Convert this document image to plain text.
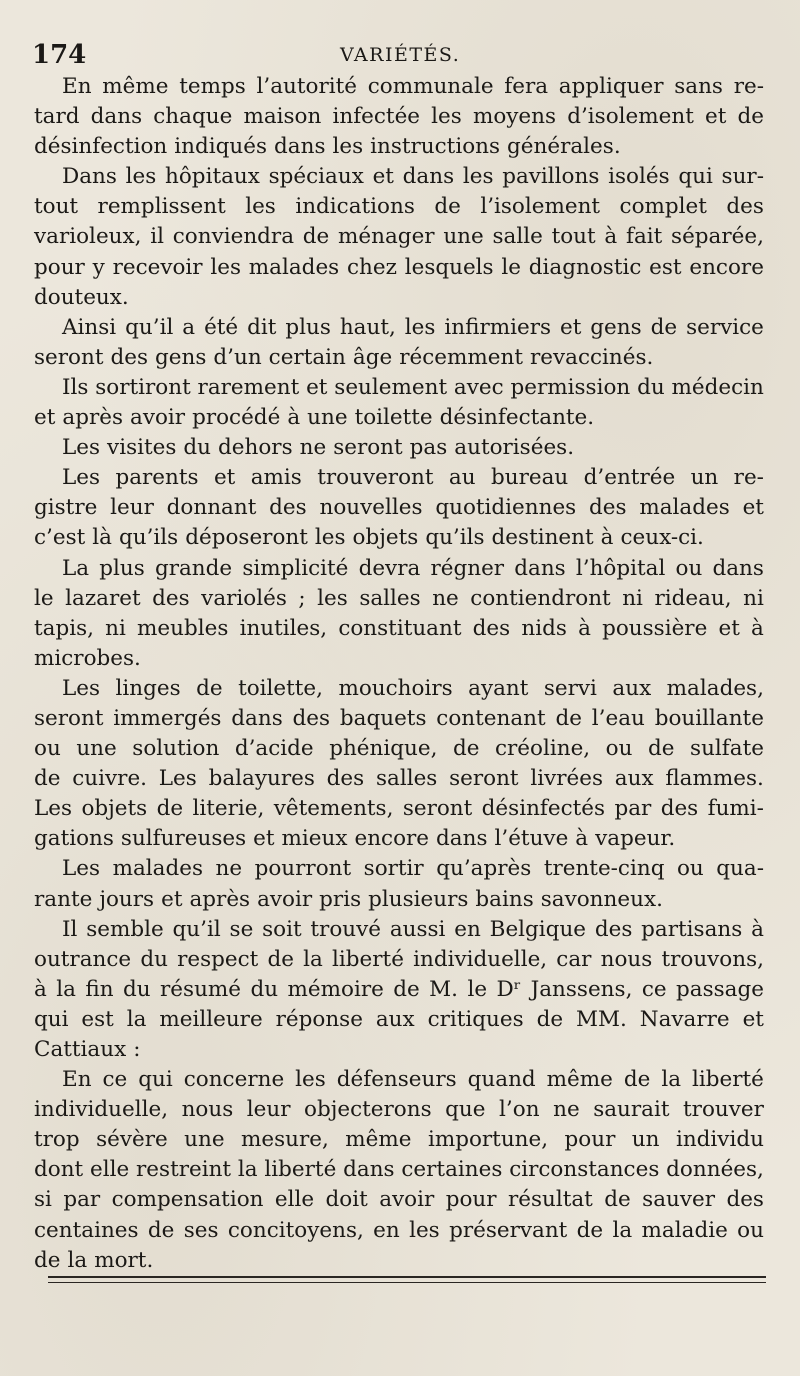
174	VARIÉTÉS.
En même temps l’autorité communale fera appliquer sans re-
tard dans chaque maison infectée les moyens d’isolement et de
désinfection indiqués dans les instructions générales.
Dans les hôpitaux spéciaux et dans les pavillons isolés qui sur-
tout remplissent les indications de l’isolement complet des
varioleux, il conviendra de ménager une salle tout à fait séparée,
pour y recevoir les malades chez lesquels le diagnostic est encore
douteux.
Ainsi qu’il a été dit plus haut, les infirmiers et gens de service
seront des gens d’un certain âge récemment revaccinés.
Ils sortiront rarement et seulement avec permission du médecin
et après avoir procédé à une toilette désinfectante.
Les visites du dehors ne seront pas autorisées.
Les parents et amis trouveront au bureau d’entrée un re-
gistre leur donnant des nouvelles quotidiennes des malades et
c’est là qu’ils déposeront les objets qu’ils destinent à ceux-ci.
La plus grande simplicité devra régner dans l’hôpital ou dans
le lazaret des variolés ; les salles ne contiendront ni rideau, ni
tapis, ni meubles inutiles, constituant des nids à poussière et à
microbes.
Les linges de toilette, mouchoirs ayant servi aux malades,
seront immergés dans des baquets contenant de l’eau bouillante
ou une solution d’acide phénique, de créoline, ou de sulfate
de cuivre. Les balayures des salles seront livrées aux flammes.
Les objets de literie, vêtements, seront désinfectés par des fumi-
gations sulfureuses et mieux encore dans l’étuve à vapeur.
Les malades ne pourront sortir qu’après trente-cinq ou qua-
rante jours et après avoir pris plusieurs bains savonneux.
Il semble qu’il se soit trouvé aussi en Belgique des partisans à
outrance du respect de la liberté individuelle, car nous trouvons,
à la fin du résumé du mémoire de M. le Dʳ Janssens, ce passage
qui est la meilleure réponse aux critiques de MM. Navarre et
Cattiaux :
En ce qui concerne les défenseurs quand même de la liberté
individuelle, nous leur objecterons que l’on ne saurait trouver
trop sévère une mesure, même importune, pour un individu
dont elle restreint la liberté dans certaines circonstances données,
si par compensation elle doit avoir pour résultat de sauver des
centaines de ses concitoyens, en les préservant de la maladie ou
de la mort.
